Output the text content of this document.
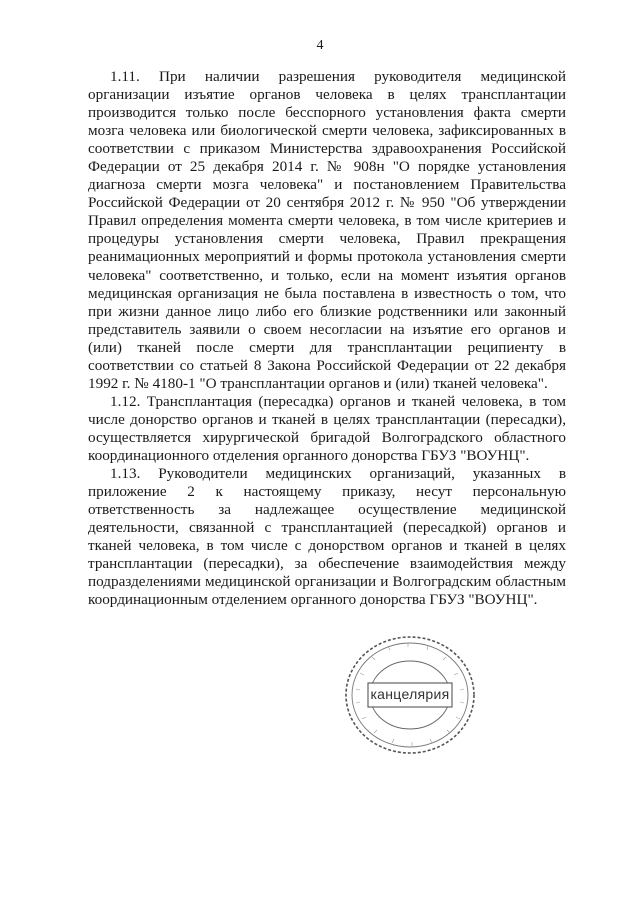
4

1.11. При наличии разрешения руководителя медицинской организации изъятие органов человека в целях трансплантации производится только после бесспорного установления факта смерти мозга человека или биологической смерти человека, зафиксированных в соответствии с приказом Министерства здравоохранения Российской Федерации от 25 декабря 2014 г. № 908н "О порядке установления диагноза смерти мозга человека" и постановлением Правительства Российской Федерации от 20 сентября 2012 г. № 950 "Об утверждении Правил определения момента смерти человека, в том числе критериев и процедуры установления смерти человека, Правил прекращения реанимационных мероприятий и формы протокола установления смерти человека" соответственно, и только, если на момент изъятия органов медицинская организация не была поставлена в известность о том, что при жизни данное лицо либо его близкие родственники или законный представитель заявили о своем несогласии на изъятие его органов и (или) тканей после смерти для трансплантации реципиенту в соответствии со статьей 8 Закона Российской Федерации от 22 декабря 1992 г. № 4180-1 "О трансплантации органов и (или) тканей человека".

1.12. Трансплантация (пересадка) органов и тканей человека, в том числе донорство органов и тканей в целях трансплантации (пересадки), осуществляется хирургической бригадой Волгоградского областного координационного отделения органного донорства ГБУЗ "ВОУНЦ".

1.13. Руководители медицинских организаций, указанных в приложение 2 к настоящему приказу, несут персональную ответственность за надлежащее осуществление медицинской деятельности, связанной с трансплантацией (пересадкой) органов и тканей человека, в том числе с донорством органов и тканей в целях трансплантации (пересадки), за обеспечение взаимодействия между подразделениями медицинской организации и Волгоградским областным координационным отделением органного донорства ГБУЗ "ВОУНЦ".

канцелярия
